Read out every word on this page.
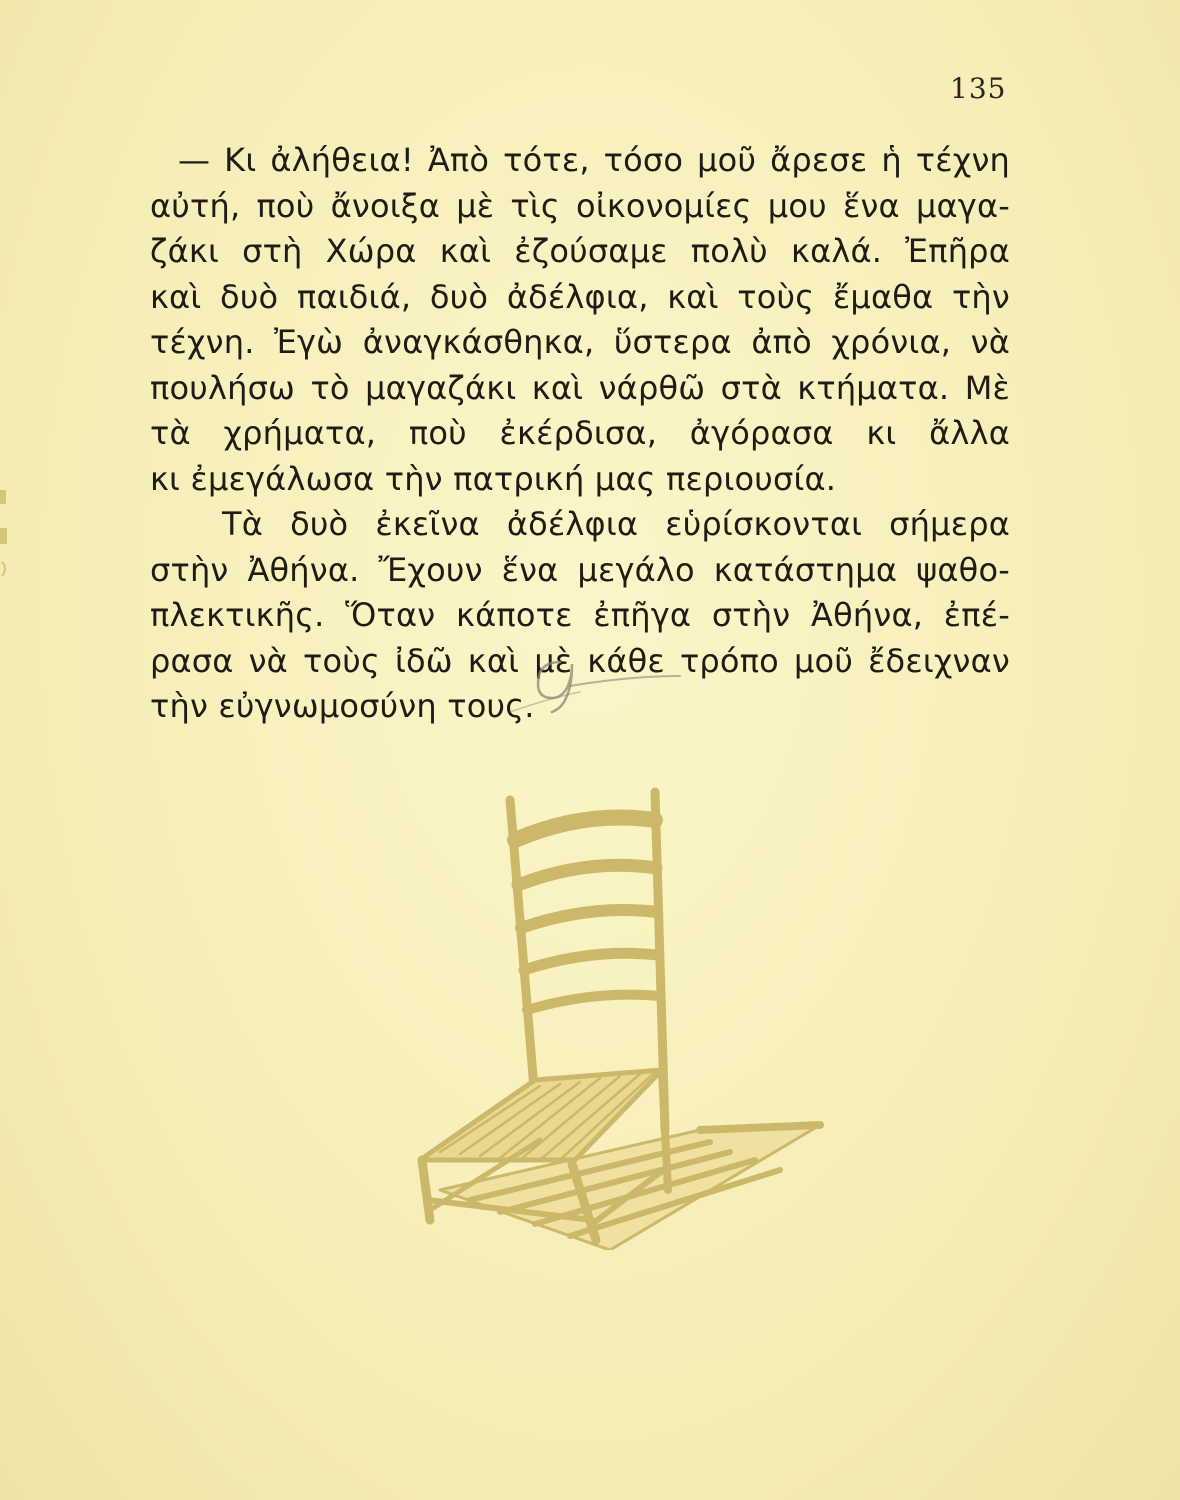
135
— Κι ἀλήθεια! Ἀπὸ τότε, τόσο μοῦ ἄρεσε ἡ τέχνη
αὐτή, ποὺ ἄνοιξα μὲ τὶς οἰκονομίες μου ἕνα μαγα-
ζάκι στὴ Χώρα καὶ ἐζούσαμε πολὺ καλά. Ἐπῆρα
καὶ δυὸ παιδιά, δυὸ ἀδέλφια, καὶ τοὺς ἔμαθα τὴν
τέχνη. Ἐγὼ ἀναγκάσθηκα, ὕστερα ἀπὸ χρόνια, νὰ
πουλήσω τὸ μαγαζάκι καὶ νάρθῶ στὰ κτήματα. Μὲ
τὰ χρήματα, ποὺ ἐκέρδισα, ἀγόρασα κι ἄλλα
κι ἐμεγάλωσα τὴν πατρική μας περιουσία.
Τὰ δυὸ ἐκεῖνα ἀδέλφια εὑρίσκονται σήμερα
στὴν Ἀθήνα. Ἔχουν ἕνα μεγάλο κατάστημα ψαθο-
πλεκτικῆς. Ὅταν κάποτε ἐπῆγα στὴν Ἀθήνα, ἐπέ-
ρασα νὰ τοὺς ἰδῶ καὶ μὲ κάθε τρόπο μοῦ ἔδειχναν
τὴν εὐγνωμοσύνη τους.
